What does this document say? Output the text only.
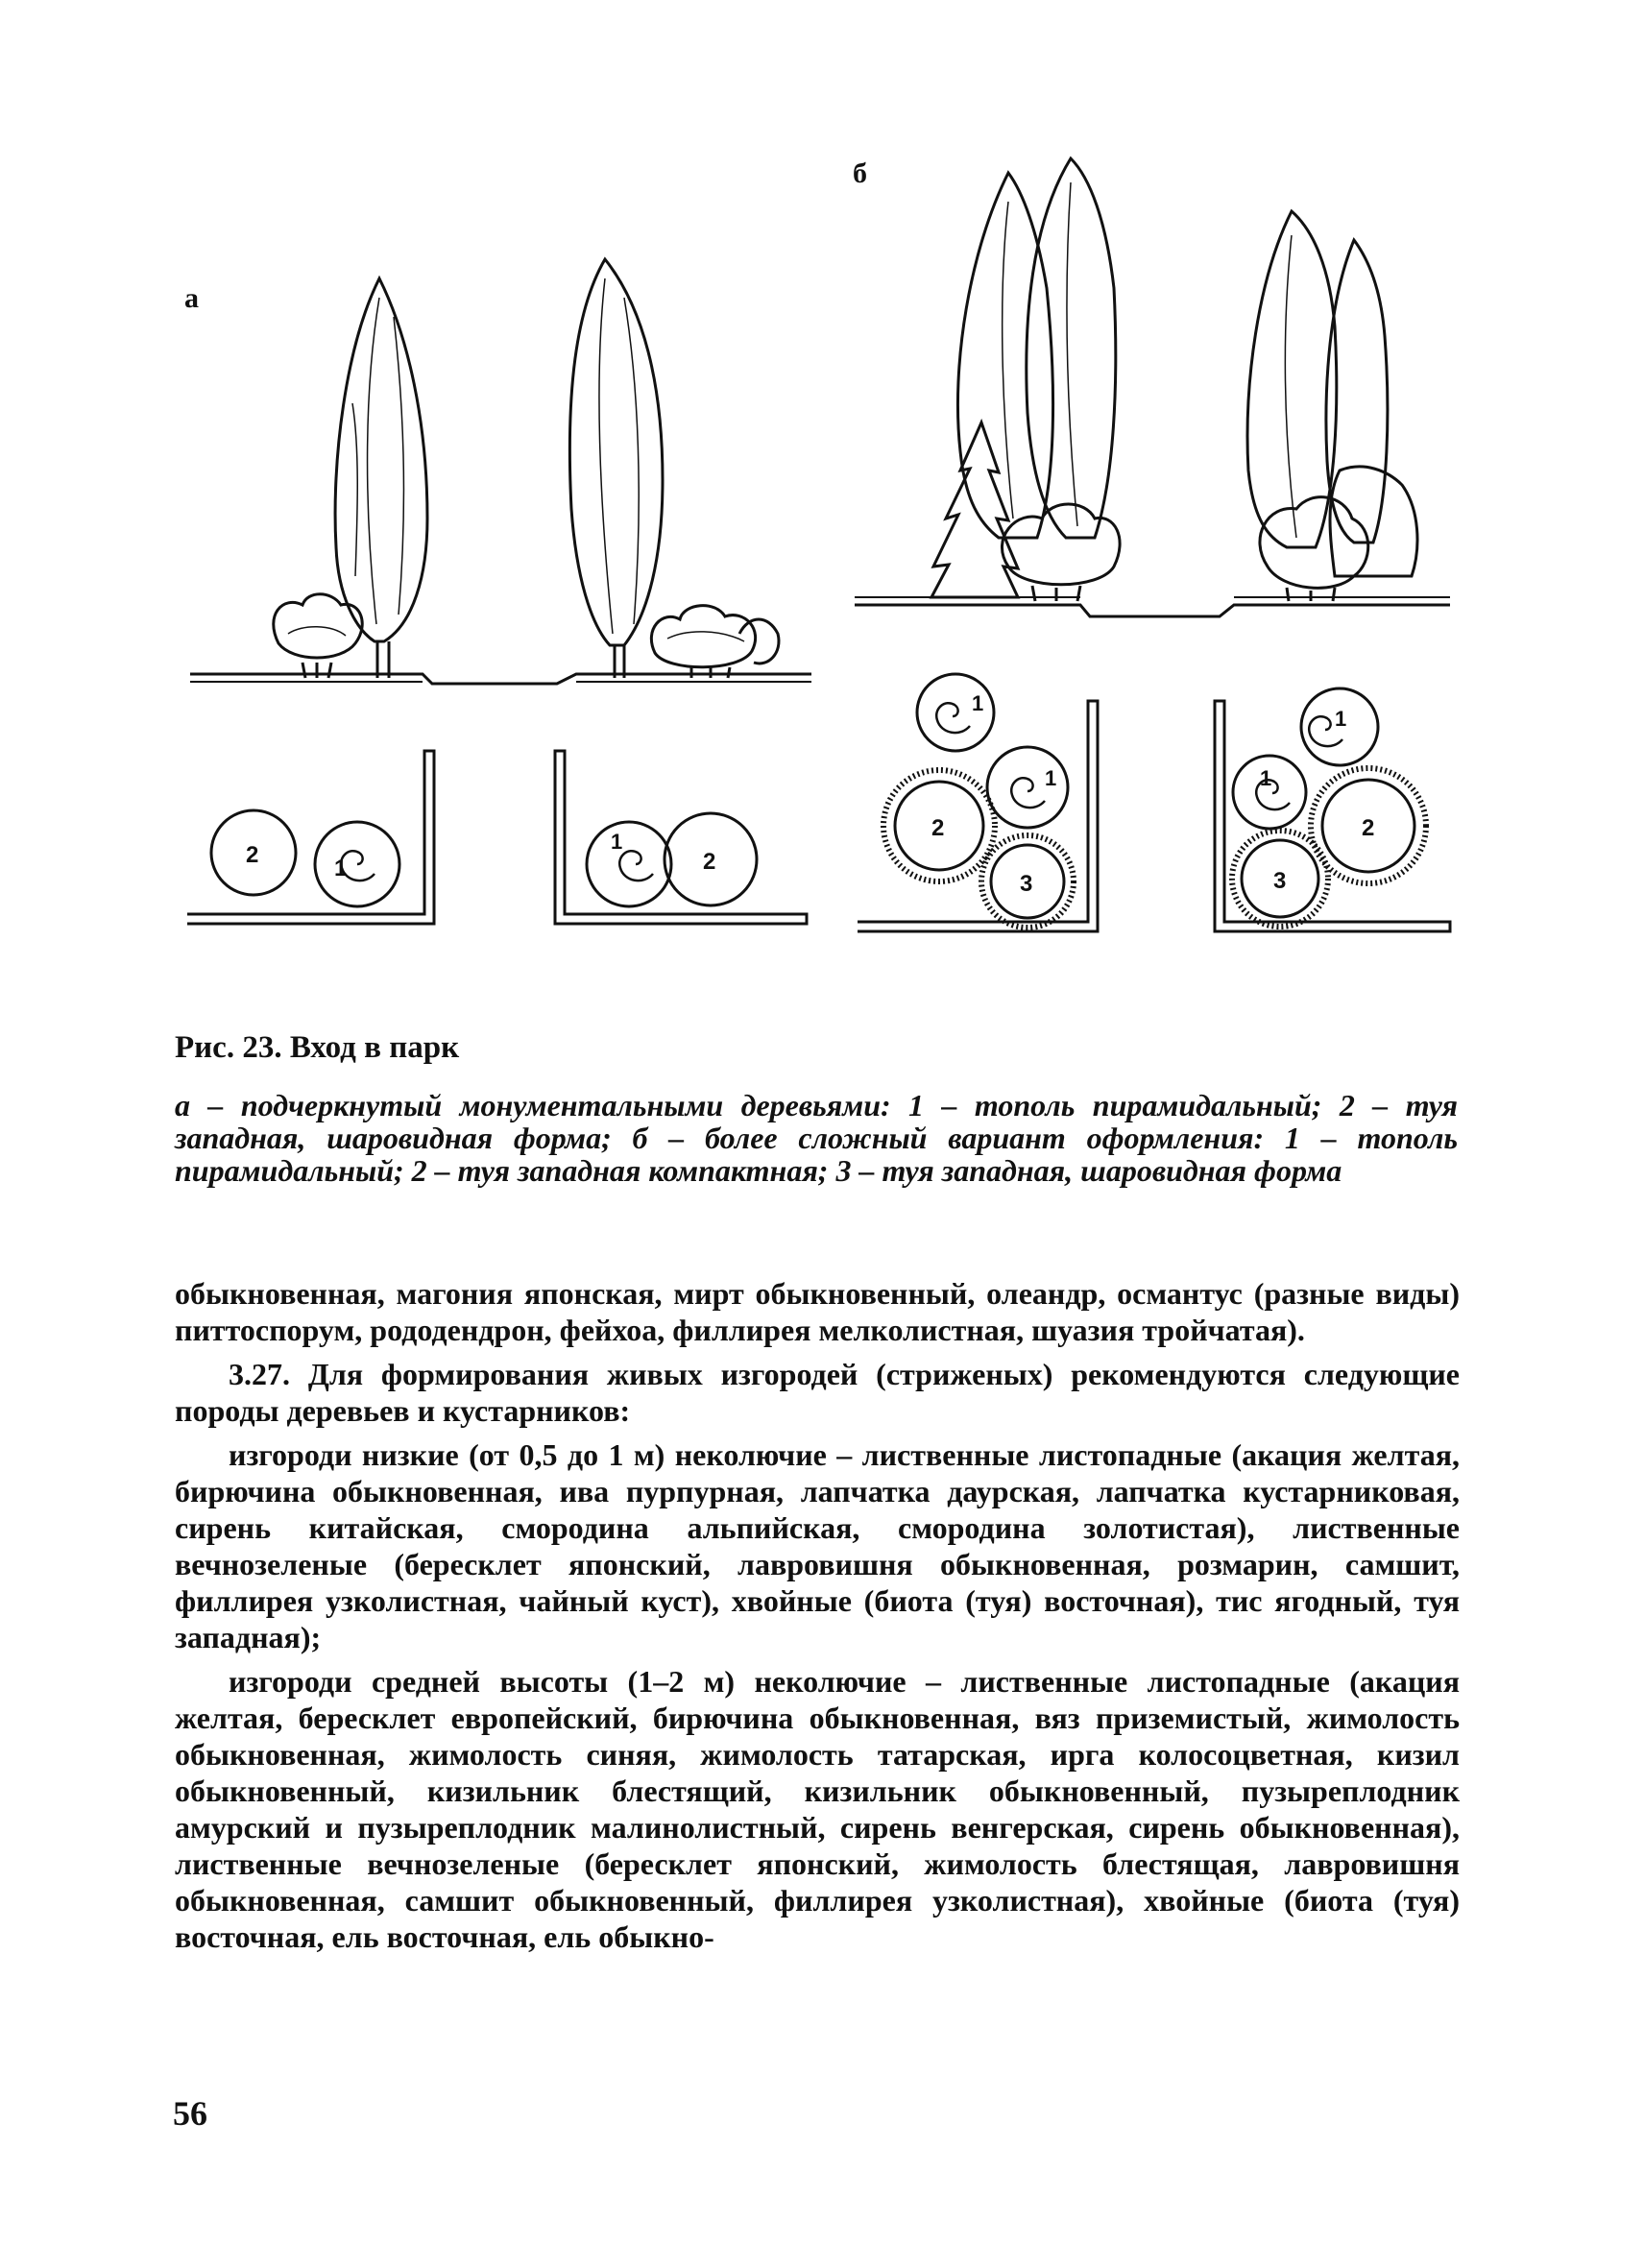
а
б
2
1
1
2
1
1
2
3
1
1
2
3
Рис. 23. Вход в парк
а – подчеркнутый монументальными деревьями: 1 – тополь пирамидальный; 2 – туя западная, шаровидная форма; б – более сложный вариант оформления: 1 – тополь пирамидальный; 2 – туя западная компактная; 3 – туя западная, шаровидная форма

обыкновенная, магония японская, мирт обыкновенный, олеандр, османтус (разные виды) питтоспорум, рододендрон, фейхоа, филлирея мелколистная, шуазия тройчатая).

3.27. Для формирования живых изгородей (стриженых) рекомендуются следующие породы деревьев и кустарников:

изгороди низкие (от 0,5 до 1 м) неколючие – лиственные листопадные (акация желтая, бирючина обыкновенная, ива пурпурная, лапчатка даурская, лапчатка кустарниковая, сирень китайская, смородина альпийская, смородина золотистая), лиственные вечнозеленые (бересклет японский, лавровишня обыкновенная, розмарин, самшит, филлирея узколистная, чайный куст), хвойные (биота (туя) восточная), тис ягодный, туя западная);

изгороди средней высоты (1–2 м) неколючие – лиственные листопадные (акация желтая, бересклет европейский, бирючина обыкновенная, вяз приземистый, жимолость обыкновенная, жимолость синяя, жимолость татарская, ирга колосоцветная, кизил обыкновенный, кизильник блестящий, кизильник обыкновенный, пузыреплодник амурский и пузыреплодник малинолистный, сирень венгерская, сирень обыкновенная), лиственные вечнозеленые (бересклет японский, жимолость блестящая, лавровишня обыкновенная, самшит обыкновенный, филлирея узколистная), хвойные (биота (туя) восточная, ель восточная, ель обыкно-

56
